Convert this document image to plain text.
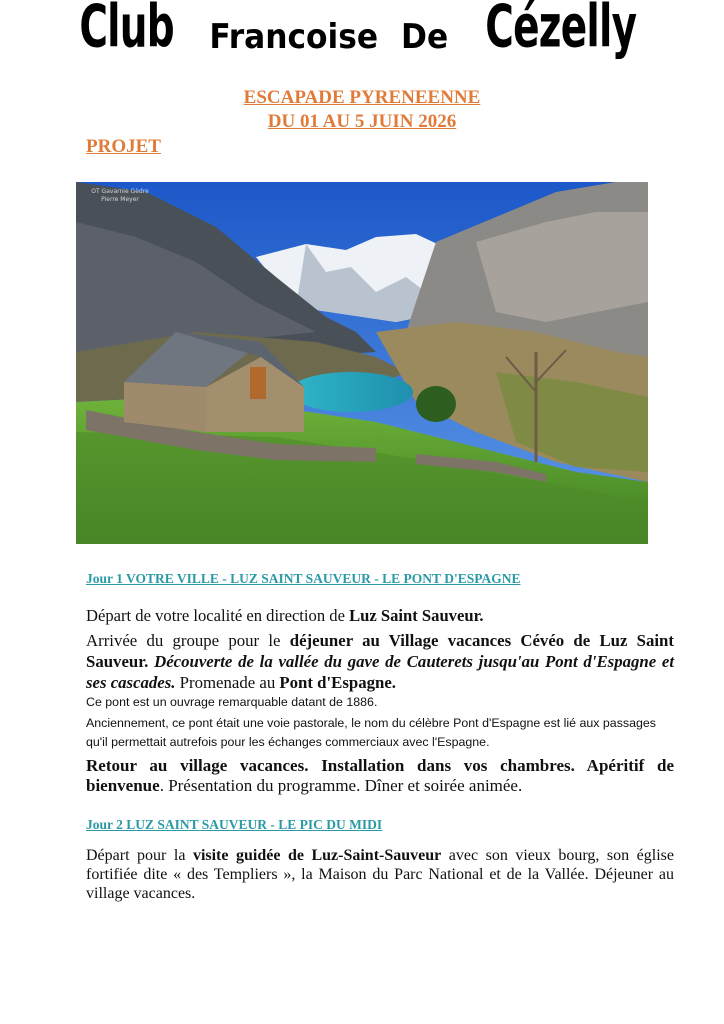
Club Francoise De Cézelly
ESCAPADE PYRENEENNE
DU 01 AU 5 JUIN 2026
PROJET
OT Gavarnie Gèdre
Pierre Meyer
Jour 1 VOTRE VILLE - LUZ SAINT SAUVEUR - LE PONT D'ESPAGNE
Départ de votre localité en direction de Luz Saint Sauveur.
Arrivée du groupe pour le déjeuner au Village vacances Cévéo de Luz Saint Sauveur. Découverte de la vallée du gave de Cauterets jusqu'au Pont d'Espagne et ses cascades. Promenade au Pont d'Espagne.
Ce pont est un ouvrage remarquable datant de 1886.
Anciennement, ce pont était une voie pastorale, le nom du célèbre Pont d'Espagne est lié aux passages qu'il permettait autrefois pour les échanges commerciaux avec l'Espagne.
Retour au village vacances. Installation dans vos chambres. Apéritif de bienvenue. Présentation du programme. Dîner et soirée animée.
Jour 2 LUZ SAINT SAUVEUR - LE PIC DU MIDI
Départ pour la visite guidée de Luz-Saint-Sauveur avec son vieux bourg, son église fortifiée dite « des Templiers », la Maison du Parc National et de la Vallée. Déjeuner au village vacances.
